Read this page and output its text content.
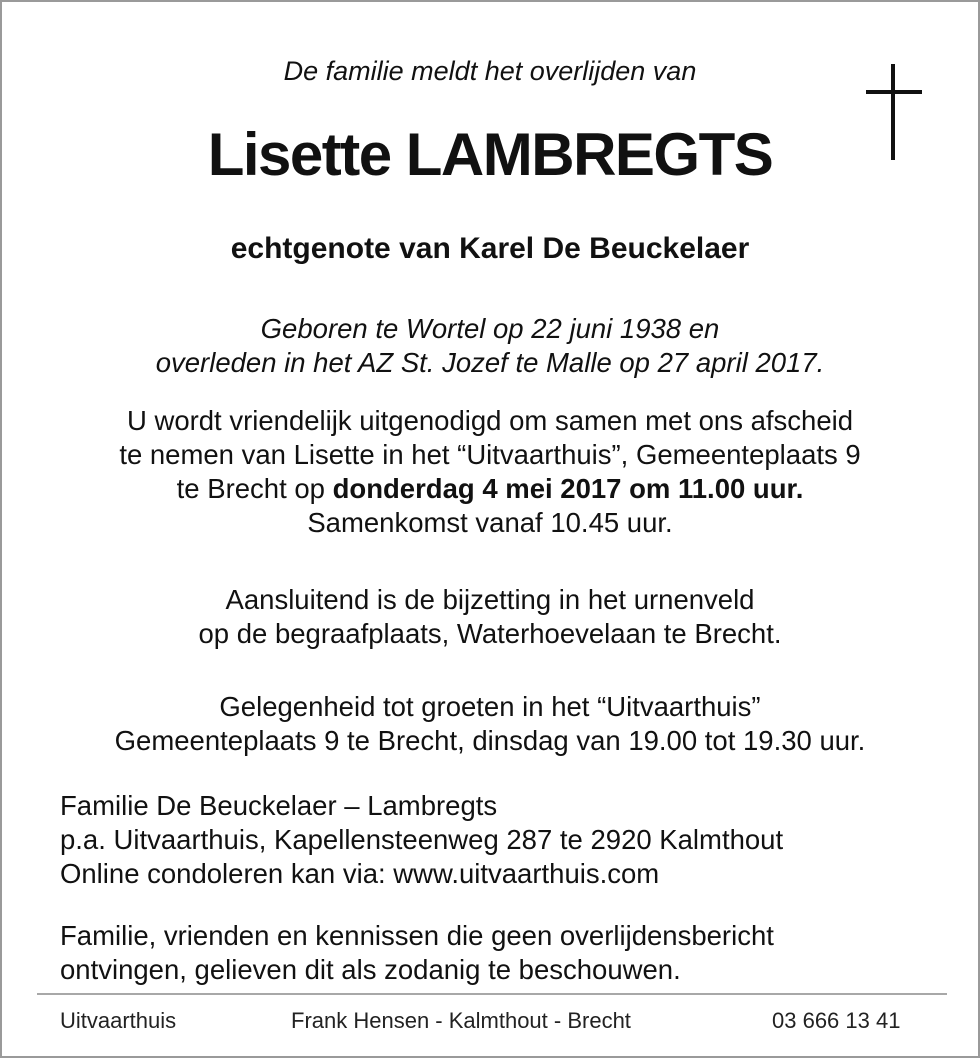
De familie meldt het overlijden van
Lisette LAMBREGTS
echtgenote van Karel De Beuckelaer
Geboren te Wortel op 22 juni 1938 en
overleden in het AZ St. Jozef te Malle op 27 april 2017.
U wordt vriendelijk uitgenodigd om samen met ons afscheid
te nemen van Lisette in het “Uitvaarthuis”, Gemeenteplaats 9
te Brecht op donderdag 4 mei 2017 om 11.00 uur.
Samenkomst vanaf 10.45 uur.
Aansluitend is de bijzetting in het urnenveld
op de begraafplaats, Waterhoevelaan te Brecht.
Gelegenheid tot groeten in het “Uitvaarthuis”
Gemeenteplaats 9 te Brecht, dinsdag van 19.00 tot 19.30 uur.
Familie De Beuckelaer – Lambregts
p.a. Uitvaarthuis, Kapellensteenweg 287 te 2920 Kalmthout
Online condoleren kan via: www.uitvaarthuis.com
Familie, vrienden en kennissen die geen overlijdensbericht
ontvingen, gelieven dit als zodanig te beschouwen.
Uitvaarthuis	Frank Hensen - Kalmthout - Brecht	03 666 13 41
